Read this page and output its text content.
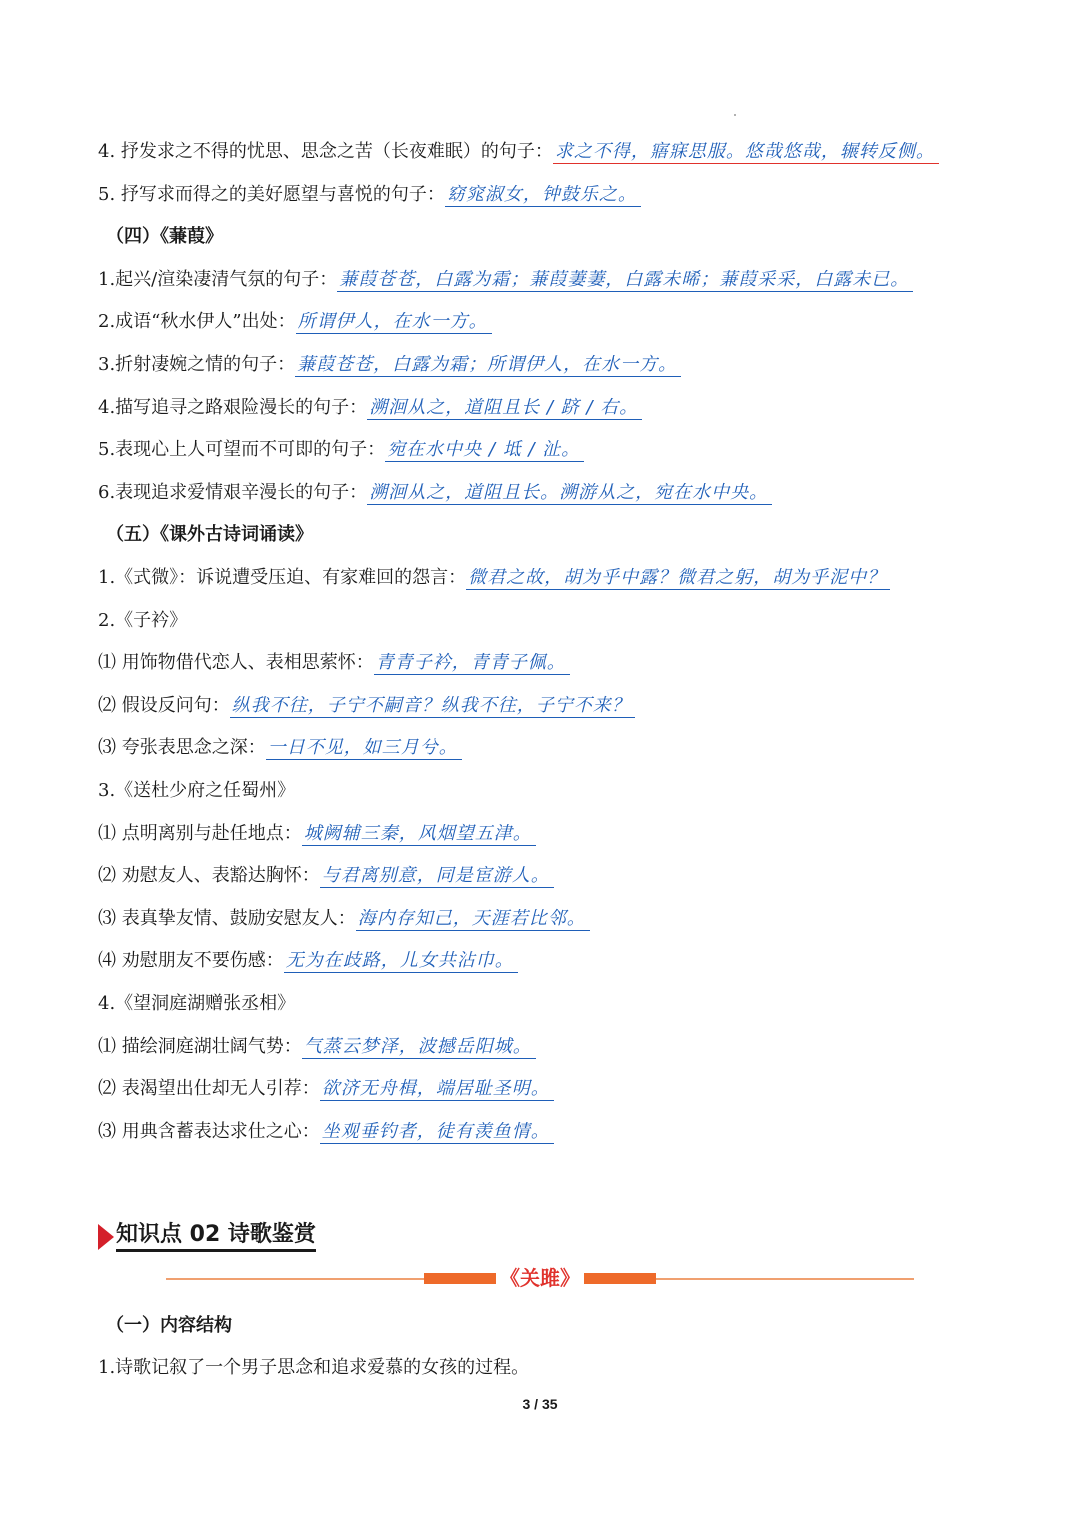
4. 抒发求之不得的忧思、思念之苦（长夜难眠）的句子： 求之不得，寤寐思服。悠哉悠哉，辗转反侧。
5. 抒写求而得之的美好愿望与喜悦的句子： 窈窕淑女，钟鼓乐之。
（四）《蒹葭》
1.起兴/渲染凄清气氛的句子： 蒹葭苍苍，白露为霜；蒹葭萋萋，白露未晞；蒹葭采采，白露未已。
2.成语“秋水伊人”出处： 所谓伊人，在水一方。
3.折射凄婉之情的句子： 蒹葭苍苍，白露为霜；所谓伊人，在水一方。
4.描写追寻之路艰险漫长的句子： 溯洄从之，道阻且长 / 跻 / 右。
5.表现心上人可望而不可即的句子： 宛在水中央 / 坻 / 沚。
6.表现追求爱情艰辛漫长的句子： 溯洄从之，道阻且长。溯游从之，宛在水中央。
（五）《课外古诗词诵读》
1.《式微》：诉说遭受压迫、有家难回的怨言： 微君之故，胡为乎中露？微君之躬，胡为乎泥中？
2.《子衿》
⑴ 用饰物借代恋人、表相思萦怀： 青青子衿，青青子佩。
⑵ 假设反问句： 纵我不往，子宁不嗣音？纵我不往，子宁不来？
⑶ 夸张表思念之深： 一日不见，如三月兮。
3.《送杜少府之任蜀州》
⑴ 点明离别与赴任地点： 城阙辅三秦，风烟望五津。
⑵ 劝慰友人、表豁达胸怀： 与君离别意，同是宦游人。
⑶ 表真挚友情、鼓励安慰友人： 海内存知己，天涯若比邻。
⑷ 劝慰朋友不要伤感： 无为在歧路，儿女共沾巾。
4.《望洞庭湖赠张丞相》
⑴ 描绘洞庭湖壮阔气势： 气蒸云梦泽，波撼岳阳城。
⑵ 表渴望出仕却无人引荐： 欲济无舟楫，端居耻圣明。
⑶ 用典含蓄表达求仕之心： 坐观垂钓者，徒有羡鱼情。
知识点 02 诗歌鉴赏
《关雎》
（一）内容结构
1.诗歌记叙了一个男子思念和追求爱慕的女孩的过程。
3 / 35
